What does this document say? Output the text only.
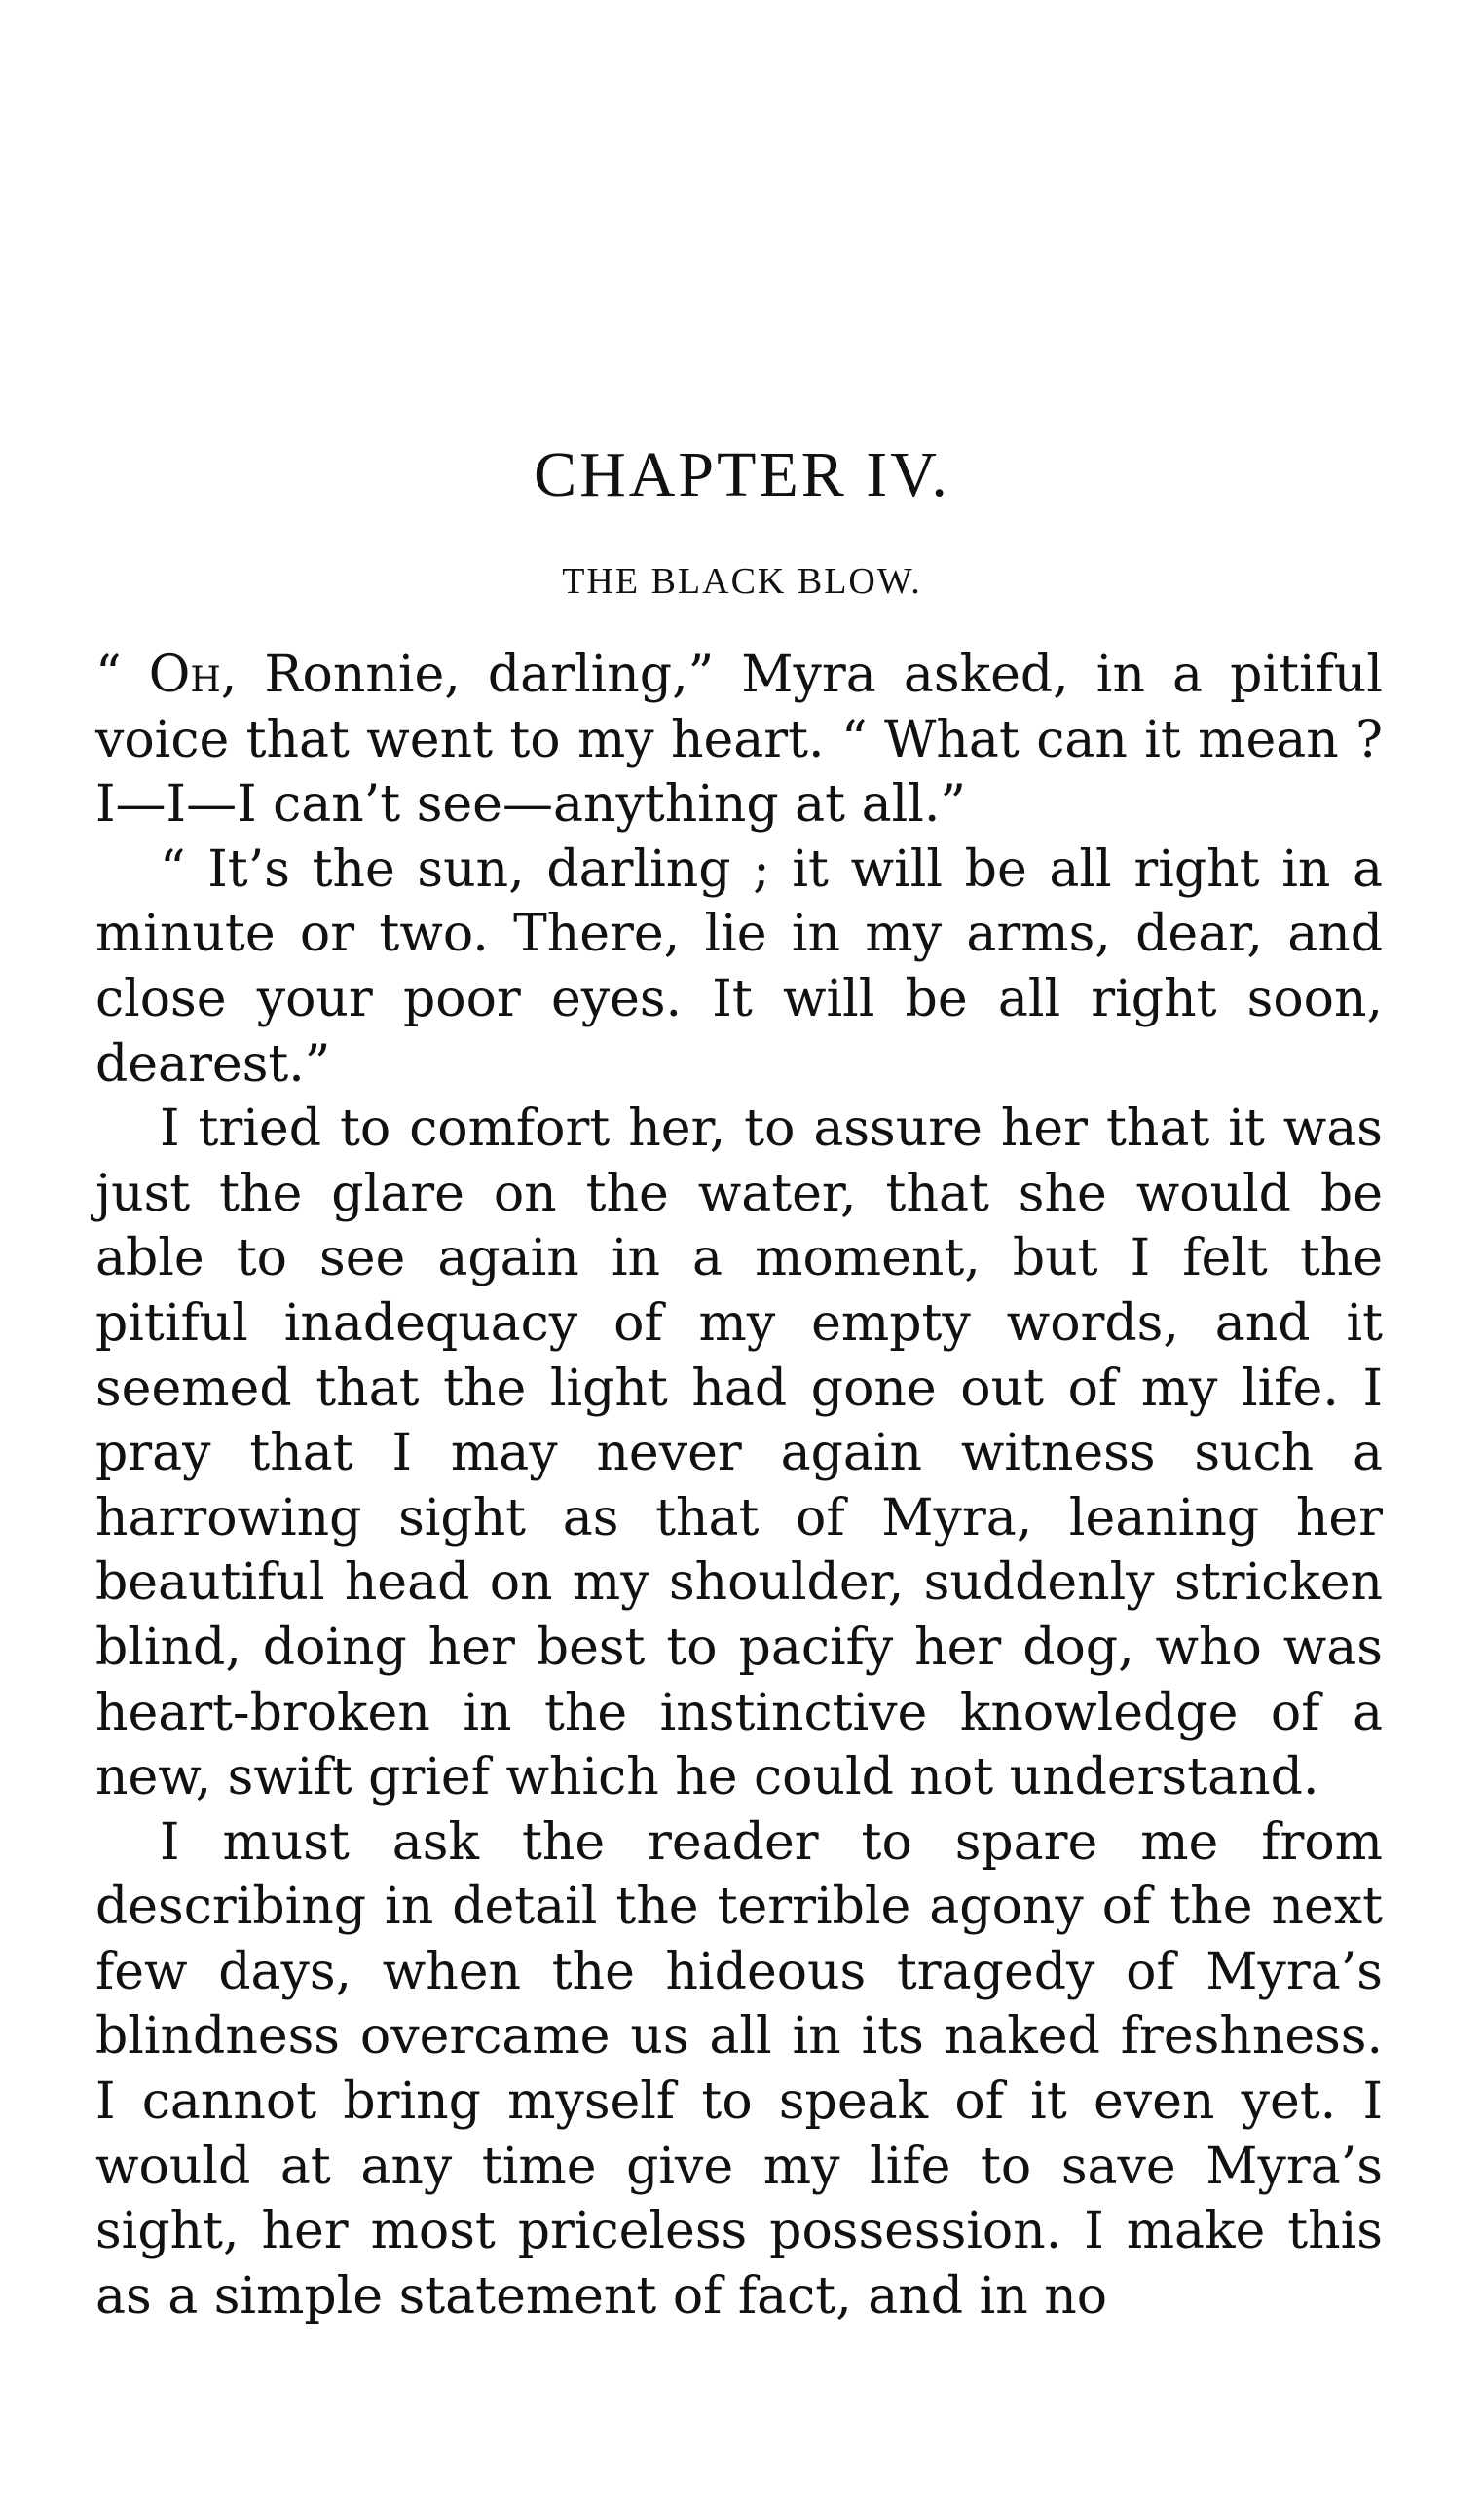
CHAPTER IV.
THE BLACK BLOW.

“ Oh, Ronnie, darling,” Myra asked, in a pitiful voice that went to my heart. “ What can it mean ? I—I—I can’t see—anything at all.”

“ It’s the sun, darling ; it will be all right in a minute or two. There, lie in my arms, dear, and close your poor eyes. It will be all right soon, dearest.”

I tried to comfort her, to assure her that it was just the glare on the water, that she would be able to see again in a moment, but I felt the pitiful inadequacy of my empty words, and it seemed that the light had gone out of my life. I pray that I may never again witness such a harrowing sight as that of Myra, leaning her beautiful head on my shoulder, suddenly stricken blind, doing her best to pacify her dog, who was heart-broken in the instinctive knowledge of a new, swift grief which he could not understand.

I must ask the reader to spare me from describing in detail the terrible agony of the next few days, when the hideous tragedy of Myra’s blindness overcame us all in its naked freshness. I cannot bring myself to speak of it even yet. I would at any time give my life to save Myra’s sight, her most priceless possession. I make this as a simple statement of fact, and in no
